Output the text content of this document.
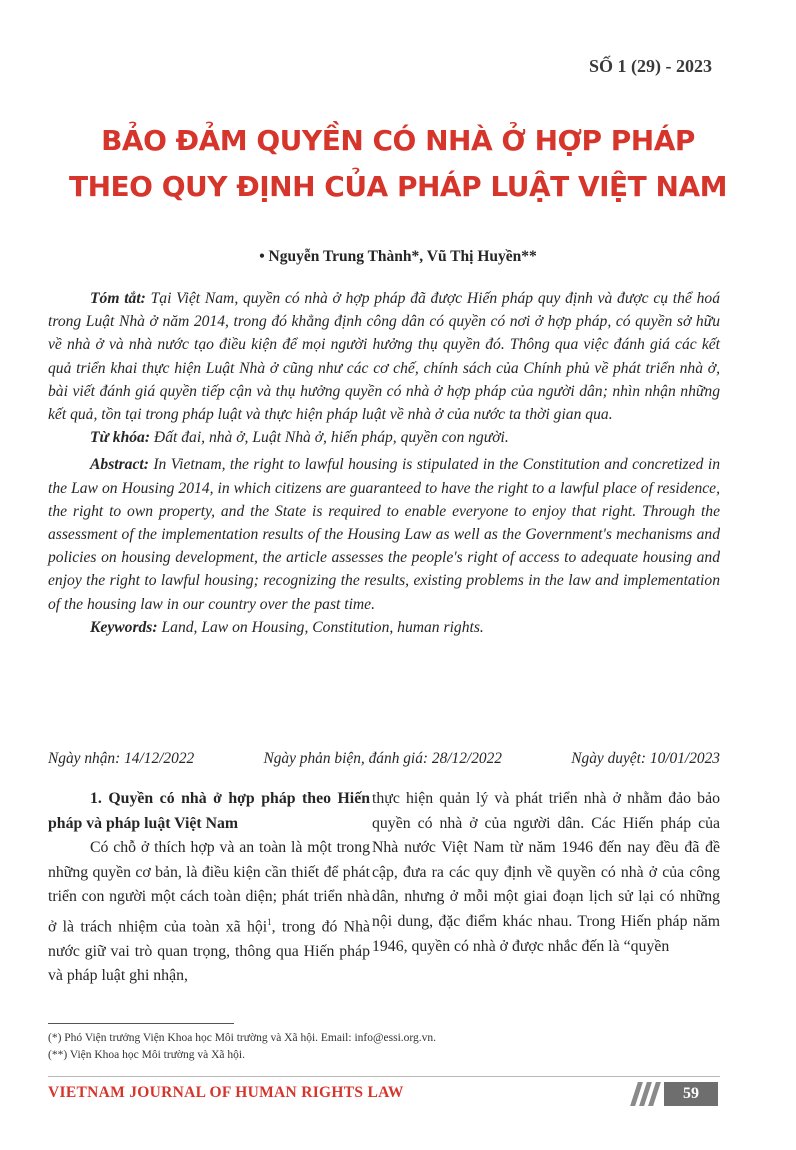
SỐ 1 (29) - 2023
BẢO ĐẢM QUYỀN CÓ NHÀ Ở HỢP PHÁP
THEO QUY ĐỊNH CỦA PHÁP LUẬT VIỆT NAM
• Nguyễn Trung Thành*, Vũ Thị Huyền**

Tóm tắt: Tại Việt Nam, quyền có nhà ở hợp pháp đã được Hiến pháp quy định và được cụ thể hoá trong Luật Nhà ở năm 2014, trong đó khẳng định công dân có quyền có nơi ở hợp pháp, có quyền sở hữu về nhà ở và nhà nước tạo điều kiện để mọi người hưởng thụ quyền đó. Thông qua việc đánh giá các kết quả triển khai thực hiện Luật Nhà ở cũng như các cơ chế, chính sách của Chính phủ về phát triển nhà ở, bài viết đánh giá quyền tiếp cận và thụ hưởng quyền có nhà ở hợp pháp của người dân; nhìn nhận những kết quả, tồn tại trong pháp luật và thực hiện pháp luật về nhà ở của nước ta thời gian qua.

Từ khóa: Đất đai, nhà ở, Luật Nhà ở, hiến pháp, quyền con người.

Abstract: In Vietnam, the right to lawful housing is stipulated in the Constitution and concretized in the Law on Housing 2014, in which citizens are guaranteed to have the right to a lawful place of residence, the right to own property, and the State is required to enable everyone to enjoy that right. Through the assessment of the implementation results of the Housing Law as well as the Government's mechanisms and policies on housing development, the article assesses the people's right of access to adequate housing and enjoy the right to lawful housing; recognizing the results, existing problems in the law and implementation of the housing law in our country over the past time.

Keywords: Land, Law on Housing, Constitution, human rights.

Ngày nhận: 14/12/2022	Ngày phản biện, đánh giá: 28/12/2022	Ngày duyệt: 10/01/2023
1. Quyền có nhà ở hợp pháp theo Hiến pháp và pháp luật Việt Nam

Có chỗ ở thích hợp và an toàn là một trong những quyền cơ bản, là điều kiện cần thiết để phát triển con người một cách toàn diện; phát triển nhà ở là trách nhiệm của toàn xã hội$^1$, trong đó Nhà nước giữ vai trò quan trọng, thông qua Hiến pháp và pháp luật ghi nhận,

thực hiện quản lý và phát triển nhà ở nhằm đảo bảo quyền có nhà ở của người dân. Các Hiến pháp của Nhà nước Việt Nam từ năm 1946 đến nay đều đã đề cập, đưa ra các quy định về quyền có nhà ở của công dân, nhưng ở mỗi một giai đoạn lịch sử lại có những nội dung, đặc điểm khác nhau. Trong Hiến pháp năm 1946, quyền có nhà ở được nhắc đến là “quyền

(*) Phó Viện trưởng Viện Khoa học Môi trường và Xã hội. Email: info@essi.org.vn.
(**) Viện Khoa học Môi trường và Xã hội.
VIETNAM JOURNAL OF HUMAN RIGHTS LAW	59
